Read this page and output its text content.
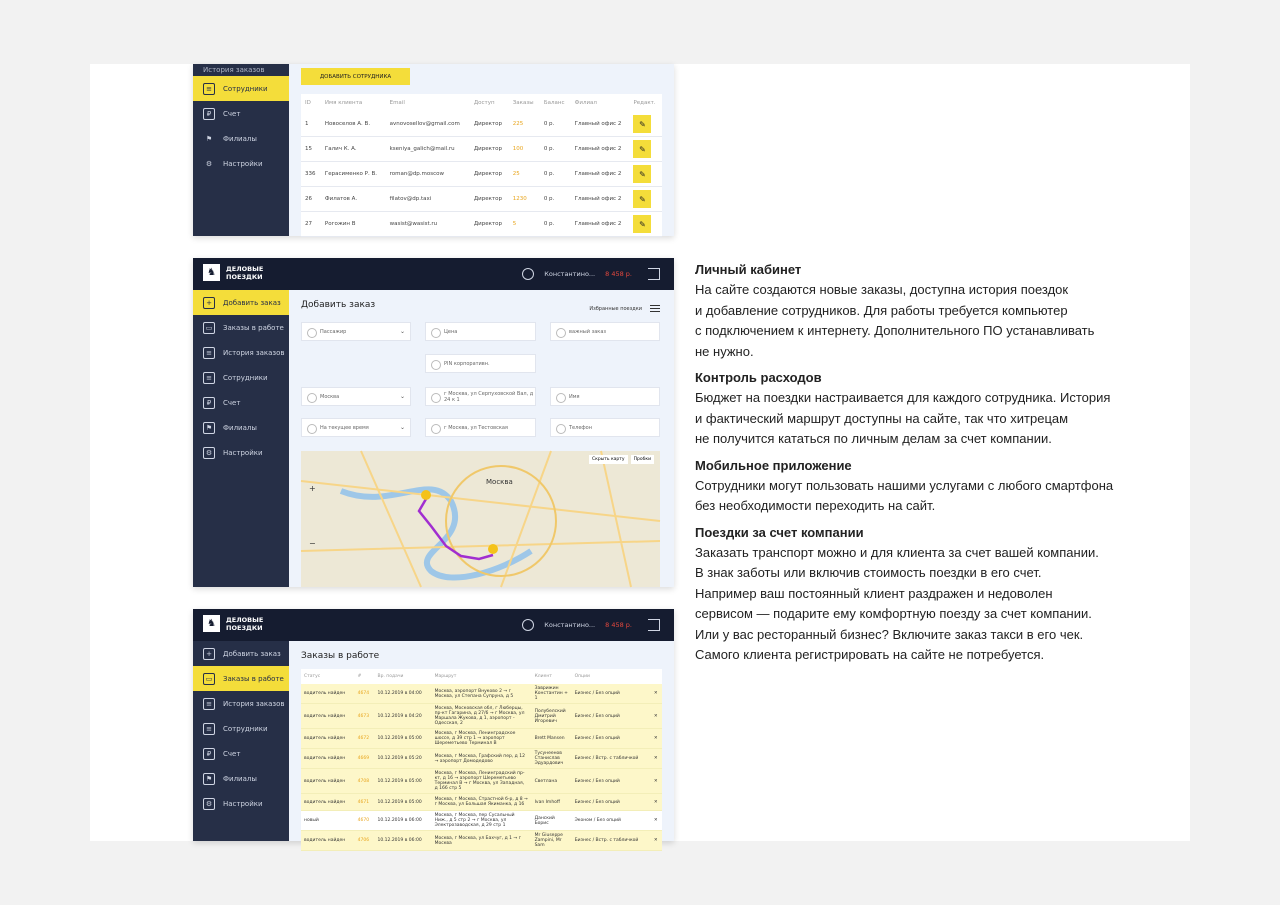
История заказов
≡	Сотрудники
₽	Счет
⚑	Филиалы
⚙	Настройки
ДОБАВИТЬ СОТРУДНИКА
ID	Имя клиента	Email	Доступ	Заказы	Баланс	Филиал	Редакт.
1	Новоселов А. В.	avnovosellov@gmail.com	Директор	225	0 р.	Главный офис 2	✎

15	Галич К. А.	kseniya_galich@mail.ru	Директор	100	0 р.	Главный офис 2	✎

336	Герасименко Р. В.	roman@dp.moscow	Директор	25	0 р.	Главный офис 2	✎

26	Филатов А.	filatov@dp.taxi	Директор	1230	0 р.	Главный офис 2	✎

27	Рогожин В	wasist@wasist.ru	Директор	5	0 р.	Главный офис 2	✎
♞	ДЕЛОВЫЕ
ПОЕЗДКИ	Константино... 8 458 р.
+	Добавить заказ
▭	Заказы в работе
≡	История заказов
≡	Сотрудники
₽	Счет
⚑	Филиалы
⚙	Настройки
Добавить заказ	Избранные поездки
Пассажир	⌄	Цена	важный заказ
PIN корпоративн.
Москва	⌄	г Москва, ул Серпуховской Вал, д 24 к 1	Имя
На текущее время	⌄	г Москва, ул Тестовская	Телефон
Москва
+
−
Скрыть карту	Пробки
♞	ДЕЛОВЫЕ
ПОЕЗДКИ	Константино... 8 458 р.
+	Добавить заказ
▭	Заказы в работе
≡	История заказов
≡	Сотрудники
₽	Счет
⚑	Филиалы
⚙	Настройки
Заказы в работе
Статус	#	Вр. подачи	Маршрут	Клиент	Опции	
водитель найден	4674	10.12.2019 в 04:00	Москва, аэропорт Внуково 2 → г Москва, ул Степана Супруна, д 5	Заврижин Константин + 1	Бизнес / Без опций	✕
водитель найден	4673	10.12.2019 в 04:20	Москва, Московская обл, г Люберцы, пр-кт Гагарина, д 27/6 → г Москва, ул Маршала Жукова, д 1, аэропорт - Одесская, 2	Полубелский Дмитрий Игоревич	Бизнес / Без опций	✕
водитель найден	4672	10.12.2019 в 05:00	Москва, г Москва, Ленинградское шоссе, д 39 стр 1 → аэропорт Шереметьево Терминал В	Brett Mansen	Бизнес / Без опций	✕
водитель найден	4669	10.12.2019 в 05:20	Москва, г Москва, Графский пер, д 12 → аэропорт Домодедово	Тусунеенов Станислав Эдуардович	Бизнес / Встр. с табличкой	✕
водитель найден	4708	10.12.2019 в 05:00	Москва, г Москва, Ленинградский пр-кт, д 16 → аэропорт Шереметьево Терминал В → г Москва, ул Западная, д 166 стр 5	Светлана	Бизнес / Без опций	✕
водитель найден	4671	10.12.2019 в 05:00	Москва, г Москва, Страстной б-р, д 8 → г Москва, ул Большая Якиманка, д 16	Ivan Imhoff	Бизнес / Без опций	✕
новый	4670	10.12.2019 в 06:00	Москва, г Москва, пер Сусальный Ниж., д 5 стр 2 → г Москва, ул Электрозаводская, д 29 стр 1	Данский Борис	Эконом / Без опций	✕
водитель найден	4706	10.12.2019 в 06:00	Москва, г Москва, ул Бахчуг, д 1 → г Москва	Mr Giuseppe Zampini, Mr Sam	Бизнес / Встр. с табличкой	✕
Личный кабинет

На сайте создаются новые заказы, доступна история поездок
и добавление сотрудников. Для работы требуется компьютер
с подключением к интернету. Дополнительного ПО устанавливать
не нужно.

Контроль расходов

Бюджет на поездки настраивается для каждого сотрудника. История
и фактический маршрут доступны на сайте, так что хитрецам
не получится кататься по личным делам за счет компании.

Мобильное приложение

Сотрудники могут пользовать нашими услугами с любого смартфона
без необходимости переходить на сайт.

Поездки за счет компании

Заказать транспорт можно и для клиента за счет вашей компании.
В знак заботы или включив стоимость поездки в его счет.
Например ваш постоянный клиент раздражен и недоволен
сервисом — подарите ему комфортную поезду за счет компании.
Или у вас ресторанный бизнес? Включите заказ такси в его чек.
Самого клиента регистрировать на сайте не потребуется.
